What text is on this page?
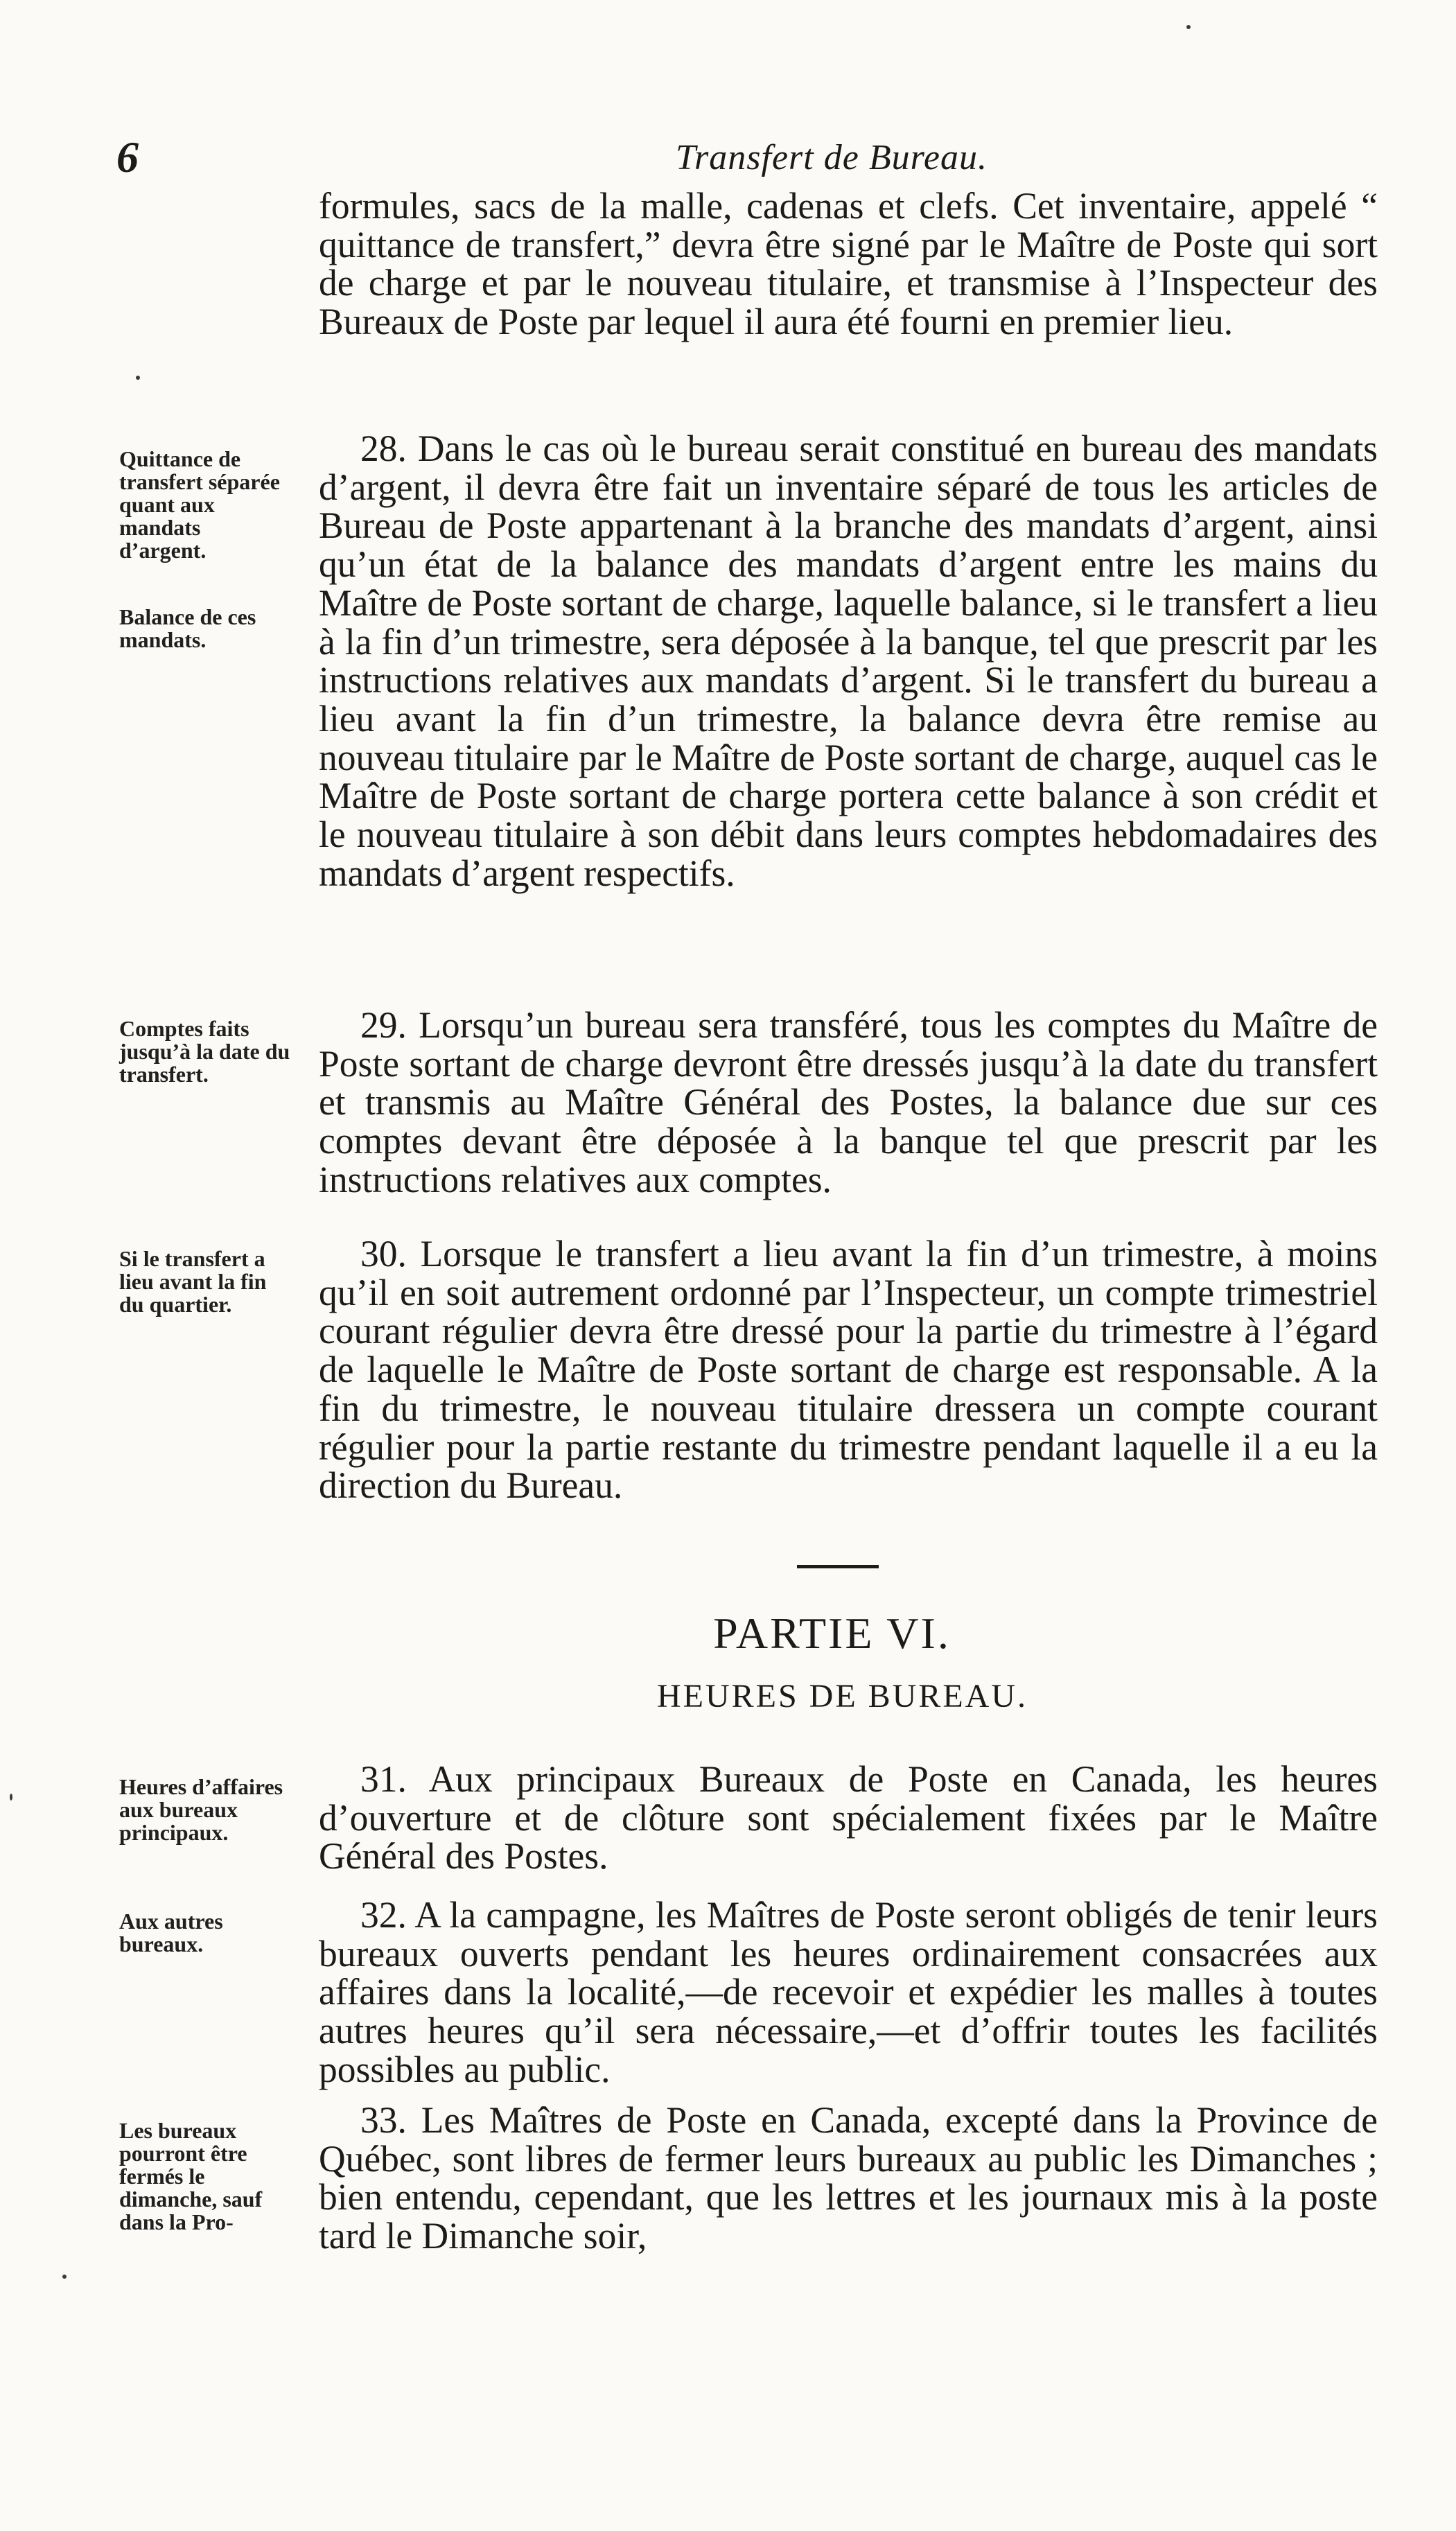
6	Transfert de Bureau.

formules, sacs de la malle, cadenas et clefs. Cet inventaire, appelé “ quittance de transfert,” devra être signé par le Maître de Poste qui sort de charge et par le nouveau titulaire, et transmise à l’Inspecteur des Bureaux de Poste par lequel il aura été fourni en premier lieu.

28. Dans le cas où le bureau serait constitué en bureau des mandats d’argent, il devra être fait un inventaire séparé de tous les articles de Bureau de Poste appartenant à la branche des mandats d’argent, ainsi qu’un état de la balance des mandats d’argent entre les mains du Maître de Poste sortant de charge, laquelle balance, si le transfert a lieu à la fin d’un trimestre, sera déposée à la banque, tel que prescrit par les instructions relatives aux mandats d’argent. Si le transfert du bureau a lieu avant la fin d’un trimestre, la balance devra être remise au nouveau titulaire par le Maître de Poste sortant de charge, auquel cas le Maître de Poste sortant de charge portera cette balance à son crédit et le nouveau titulaire à son débit dans leurs comptes hebdomadaires des mandats d’argent respectifs.

Quittance de transfert séparée quant aux mandats d’argent.
Balance de ces mandats.

29. Lorsqu’un bureau sera transféré, tous les comptes du Maître de Poste sortant de charge devront être dressés jusqu’à la date du transfert et transmis au Maître Général des Postes, la balance due sur ces comptes devant être déposée à la banque tel que prescrit par les instructions relatives aux comptes.

Comptes faits jusqu’à la date du transfert.

30. Lorsque le transfert a lieu avant la fin d’un trimestre, à moins qu’il en soit autrement ordonné par l’Inspecteur, un compte trimestriel courant régulier devra être dressé pour la partie du trimestre à l’égard de laquelle le Maître de Poste sortant de charge est responsable. A la fin du trimestre, le nouveau titulaire dressera un compte courant régulier pour la partie restante du trimestre pendant laquelle il a eu la direction du Bureau.

Si le transfert a lieu avant la fin du quartier.
PARTIE VI.
HEURES DE BUREAU.

31. Aux principaux Bureaux de Poste en Canada, les heures d’ouverture et de clôture sont spécialement fixées par le Maître Général des Postes.

Heures d’affaires aux bureaux principaux.

32. A la campagne, les Maîtres de Poste seront obligés de tenir leurs bureaux ouverts pendant les heures ordinairement consacrées aux affaires dans la localité,—de recevoir et expédier les malles à toutes autres heures qu’il sera nécessaire,—et d’offrir toutes les facilités possibles au public.

Aux autres bureaux.

33. Les Maîtres de Poste en Canada, excepté dans la Province de Québec, sont libres de fermer leurs bureaux au public les Dimanches ; bien entendu, cependant, que les lettres et les journaux mis à la poste tard le Dimanche soir,

Les bureaux pourront être fermés le dimanche, sauf dans la Pro-
